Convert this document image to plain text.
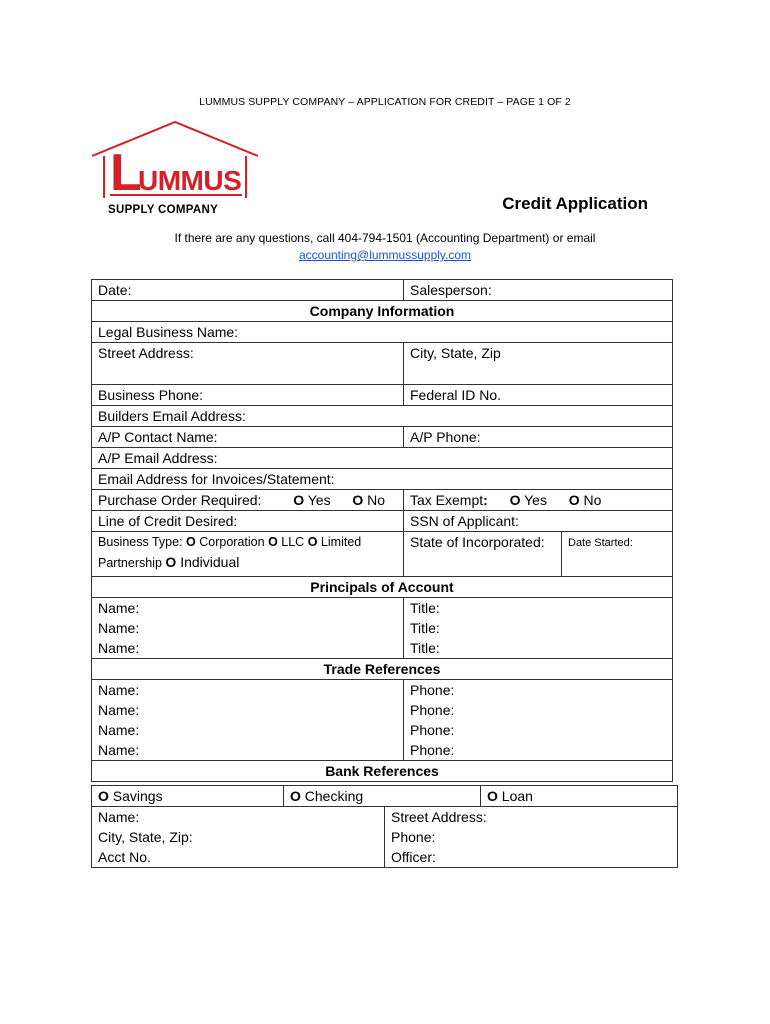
LUMMUS SUPPLY COMPANY – APPLICATION FOR CREDIT – PAGE 1 OF 2
L
UMMUS
SUPPLY COMPANY	Credit Application
If there are any questions, call 404-794-1501 (Accounting Department) or email
accounting@lummussupply.com
Date:	Salesperson:	
Company Information		
Legal Business Name:		
Street Address:	City, State, Zip	
Business Phone:	Federal ID No.	
Builders Email Address:		
A/P Contact Name:	A/P Phone:	
A/P Email Address:		
Email Address for Invoices/Statement:		
Purchase Order Required: O Yes O No	Tax Exempt: O Yes O No	
Line of Credit Desired:	SSN of Applicant:	
Business Type: O Corporation O LLC O Limited
Partnership O Individual	State of Incorporated:	Date Started:
Principals of Account		
Name:	Title:	
Name:	Title:	
Name:	Title:	
Trade References		
Name:	Phone:	
Name:	Phone:	
Name:	Phone:	
Name:	Phone:	
Bank References		
O Savings	O Checking		O Loan
Name:		Street Address:	
City, State, Zip:		Phone:	
Acct No.		Officer:	
